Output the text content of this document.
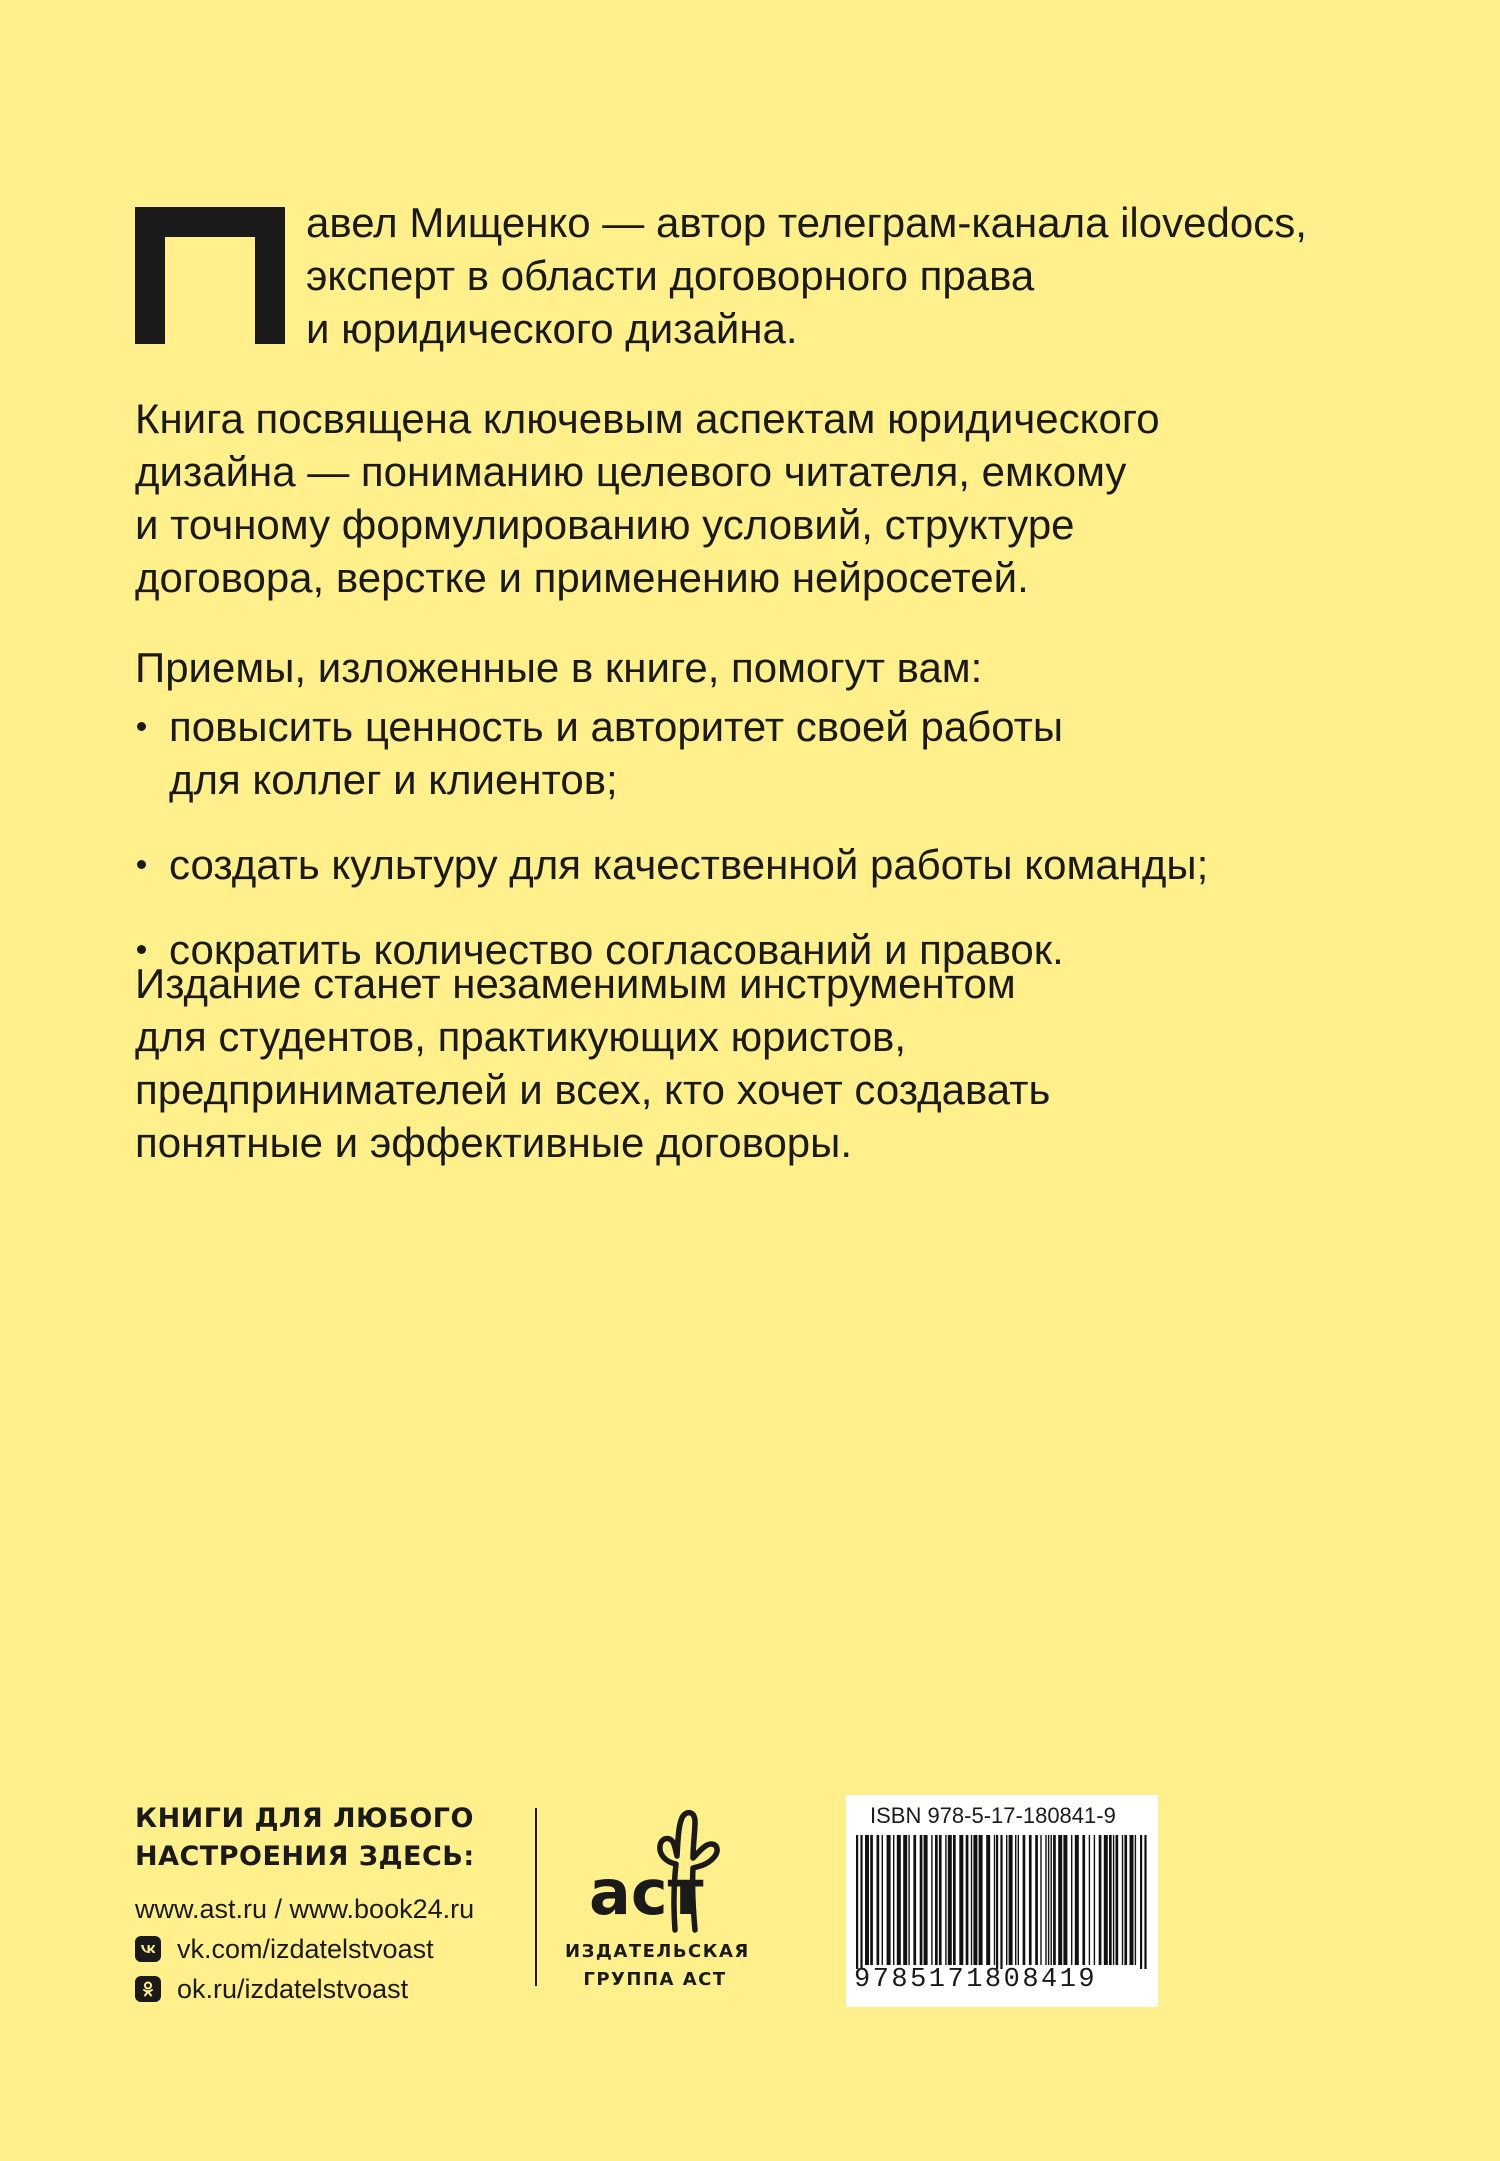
авел Мищенко — автор телеграм-канала ilovedocs,
эксперт в области договорного права
и юридического дизайна.

Книга посвящена ключевым аспектам юридического
дизайна — пониманию целевого читателя, емкому
и точному формулированию условий, структуре
договора, верстке и применению нейросетей.

Приемы, изложенные в книге, помогут вам:

повысить ценность и авторитет своей работы
для коллег и клиентов;
создать культуру для качественной работы команды;
сократить количество согласований и правок.

Издание станет незаменимым инструментом
для студентов, практикующих юристов,
предпринимателей и всех, кто хочет создавать
понятные и эффективные договоры.

КНИГИ ДЛЯ ЛЮБОГО
НАСТРОЕНИЯ ЗДЕСЬ:

www.ast.ru / www.book24.ru
vk.com/izdatelstvoast
ok.ru/izdatelstvoast
аст
ИЗДАТЕЛЬСКАЯ
ГРУППА АСТ
ISBN 978-5-17-180841-9
9785171808419
